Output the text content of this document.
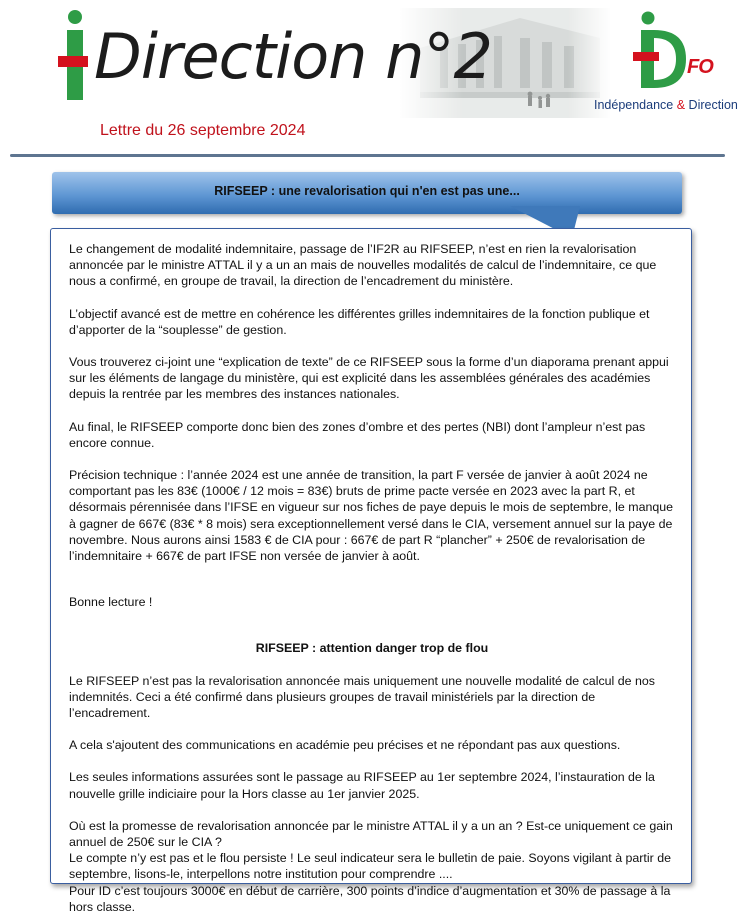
Direction n°2
Lettre du 26 septembre 2024
FO
Indépendance & Direction
RIFSEEP : une revalorisation qui n'en est pas une...

Le changement de modalité indemnitaire, passage de l’IF2R au RIFSEEP, n’est en rien la revalorisation annoncée par le ministre ATTAL il y a un an mais de nouvelles modalités de calcul de l’indemnitaire, ce que nous a confirmé, en groupe de travail, la direction de l’encadrement du ministère.

L’objectif avancé est de mettre en cohérence les différentes grilles indemnitaires de la fonction publique et d’apporter de la “souplesse” de gestion.

Vous trouverez ci-joint une “explication de texte” de ce RIFSEEP sous la forme d’un diaporama prenant appui sur les éléments de langage du ministère, qui est explicité dans les assemblées générales des académies depuis la rentrée par les membres des instances nationales.

Au final, le RIFSEEP comporte donc bien des zones d’ombre et des pertes (NBI) dont l’ampleur n’est pas encore connue.

Précision technique : l’année 2024 est une année de transition, la part F versée de janvier à août 2024 ne comportant pas les 83€ (1000€ / 12 mois = 83€) bruts de prime pacte versée en 2023 avec la part R, et désormais pérennisée dans l’IFSE en vigueur sur nos fiches de paye depuis le mois de septembre, le manque à gagner de 667€ (83€ * 8 mois) sera exceptionnellement versé dans le CIA, versement annuel sur la paye de novembre. Nous aurons ainsi 1583 € de CIA pour : 667€ de part R “plancher” + 250€ de revalorisation de l’indemnitaire + 667€ de part IFSE non versée de janvier à août.

Bonne lecture !

RIFSEEP : attention danger trop de flou

Le RIFSEEP n’est pas la revalorisation annoncée mais uniquement une nouvelle modalité de calcul de nos indemnités. Ceci a été confirmé dans plusieurs groupes de travail ministériels par la direction de l’encadrement.

A cela s'ajoutent des communications en académie peu précises et ne répondant pas aux questions.

Les seules informations assurées sont le passage au RIFSEEP au 1er septembre 2024, l’instauration de la nouvelle grille indiciaire pour la Hors classe au 1er janvier 2025.

Où est la promesse de revalorisation annoncée par le ministre ATTAL il y a un an ? Est-ce uniquement ce gain annuel de 250€ sur le CIA ?

Le compte n’y est pas et le flou persiste ! Le seul indicateur sera le bulletin de paie. Soyons vigilant à partir de septembre, lisons-le, interpellons notre institution pour comprendre ....

Pour ID c’est toujours 3000€ en début de carrière, 300 points d’indice d’augmentation et 30% de passage à la hors classe.
